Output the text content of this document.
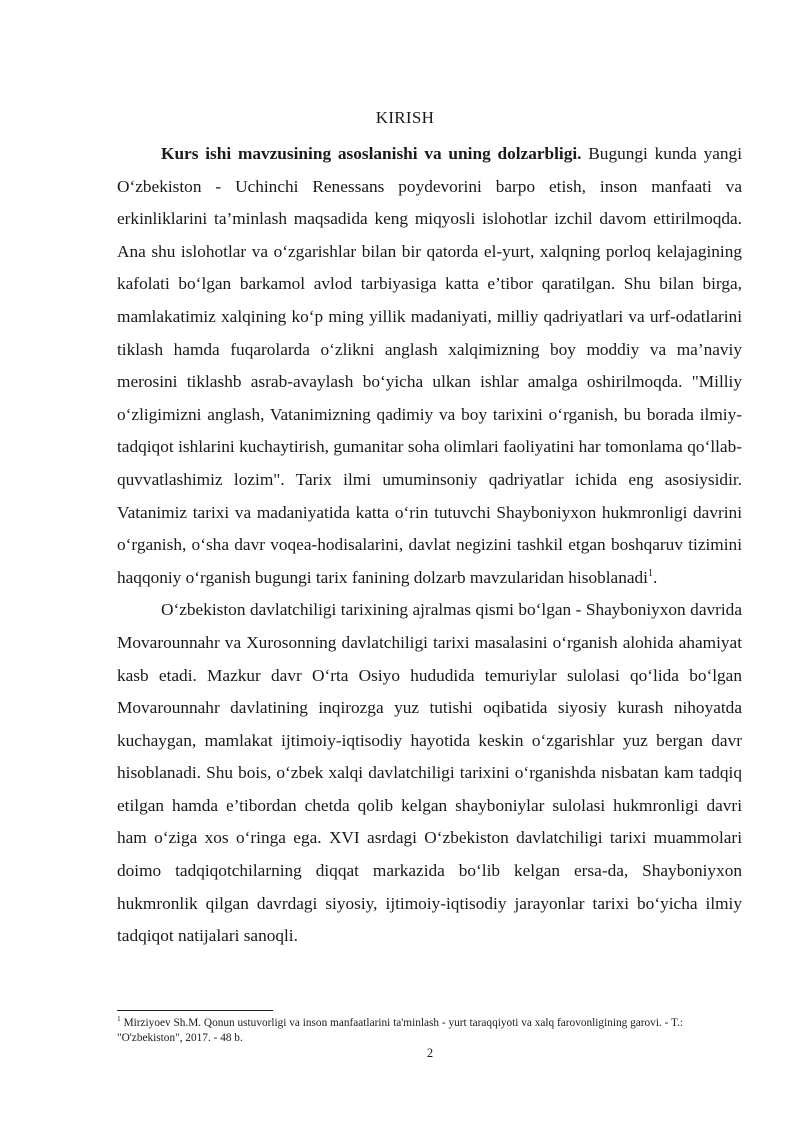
KIRISH

Kurs ishi mavzusining asoslanishi va uning dolzarbligi. Bugungi kunda yangi O‘zbekiston - Uchinchi Renessans poydevorini barpo etish, inson manfaati va erkinliklarini ta’minlash maqsadida keng miqyosli islohotlar izchil davom ettirilmoqda. Ana shu islohotlar va o‘zgarishlar bilan bir qatorda el-yurt, xalqning porloq kelajagining kafolati bo‘lgan barkamol avlod tarbiyasiga katta e’tibor qaratilgan. Shu bilan birga, mamlakatimiz xalqining ko‘p ming yillik madaniyati, milliy qadriyatlari va urf-odatlarini tiklash hamda fuqarolarda o‘zlikni anglash xalqimizning boy moddiy va ma’naviy merosini tiklashb asrab-avaylash bo‘yicha ulkan ishlar amalga oshirilmoqda. "Milliy o‘zligimizni anglash, Vatanimizning qadimiy va boy tarixini o‘rganish, bu borada ilmiy-tadqiqot ishlarini kuchaytirish, gumanitar soha olimlari faoliyatini har tomonlama qo‘llab-quvvatlashimiz lozim". Tarix ilmi umuminsoniy qadriyatlar ichida eng asosiysidir. Vatanimiz tarixi va madaniyatida katta o‘rin tutuvchi Shayboniyxon hukmronligi davrini o‘rganish, o‘sha davr voqea-hodisalarini, davlat negizini tashkil etgan boshqaruv tizimini haqqoniy o‘rganish bugungi tarix fanining dolzarb mavzularidan hisoblanadi$^1$.

O‘zbekiston davlatchiligi tarixining ajralmas qismi bo‘lgan - Shayboniyxon davrida Movarounnahr va Xurosonning davlatchiligi tarixi masalasini o‘rganish alohida ahamiyat kasb etadi. Mazkur davr O‘rta Osiyo hududida temuriylar sulolasi qo‘lida bo‘lgan Movarounnahr davlatining inqirozga yuz tutishi oqibatida siyosiy kurash nihoyatda kuchaygan, mamlakat ijtimoiy-iqtisodiy hayotida keskin o‘zgarishlar yuz bergan davr hisoblanadi. Shu bois, o‘zbek xalqi davlatchiligi tarixini o‘rganishda nisbatan kam tadqiq etilgan hamda e’tibordan chetda qolib kelgan shayboniylar sulolasi hukmronligi davri ham o‘ziga xos o‘ringa ega. XVI asrdagi O‘zbekiston davlatchiligi tarixi muammolari doimo tadqiqotchilarning diqqat markazida bo‘lib kelgan ersa-da, Shayboniyxon hukmronlik qilgan davrdagi siyosiy, ijtimoiy-iqtisodiy jarayonlar tarixi bo‘yicha ilmiy tadqiqot natijalari sanoqli.

$^1$ Mirziyoev Sh.M. Qonun ustuvorligi va inson manfaatlarini ta'minlash - yurt taraqqiyoti va xalq farovonligining garovi. - T.: "O'zbekiston", 2017. - 48 b.
2
